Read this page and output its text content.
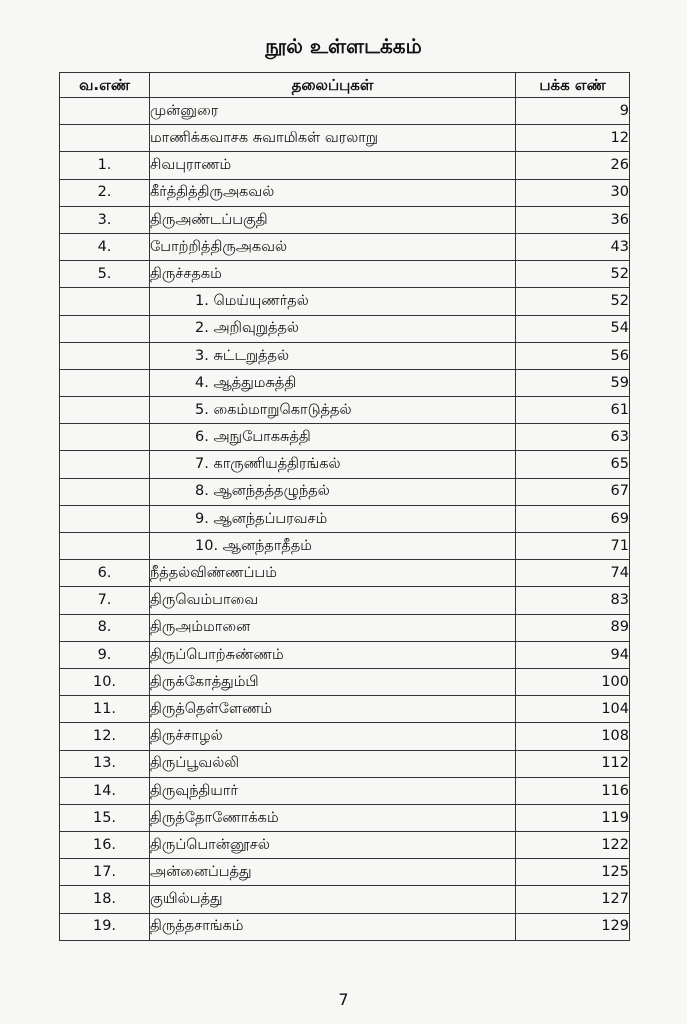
நூல் உள்ளடக்கம்
வ.எண்	தலைப்புகள்	பக்க எண்
	முன்னுரை	9
	மாணிக்கவாசக சுவாமிகள் வரலாறு	12
1.	சிவபுராணம்	26
2.	கீர்த்தித்திருஅகவல்	30
3.	திருஅண்டப்பகுதி	36
4.	போற்றித்திருஅகவல்	43
5.	திருச்சதகம்	52
	1. மெய்யுணர்தல்	52
	2. அறிவுறுத்தல்	54
	3. சுட்டறுத்தல்	56
	4. ஆத்துமசுத்தி	59
	5. கைம்மாறுகொடுத்தல்	61
	6. அநுபோகசுத்தி	63
	7. காருணியத்திரங்கல்	65
	8. ஆனந்தத்தழுந்தல்	67
	9. ஆனந்தப்பரவசம்	69
	10. ஆனந்தாதீதம்	71
6.	நீத்தல்விண்ணப்பம்	74
7.	திருவெம்பாவை	83
8.	திருஅம்மானை	89
9.	திருப்பொற்சுண்ணம்	94
10.	திருக்கோத்தும்பி	100
11.	திருத்தெள்ளேணம்	104
12.	திருச்சாழல்	108
13.	திருப்பூவல்லி	112
14.	திருவுந்தியார்	116
15.	திருத்தோணோக்கம்	119
16.	திருப்பொன்னூசல்	122
17.	அன்னைப்பத்து	125
18.	குயில்பத்து	127
19.	திருத்தசாங்கம்	129
7
